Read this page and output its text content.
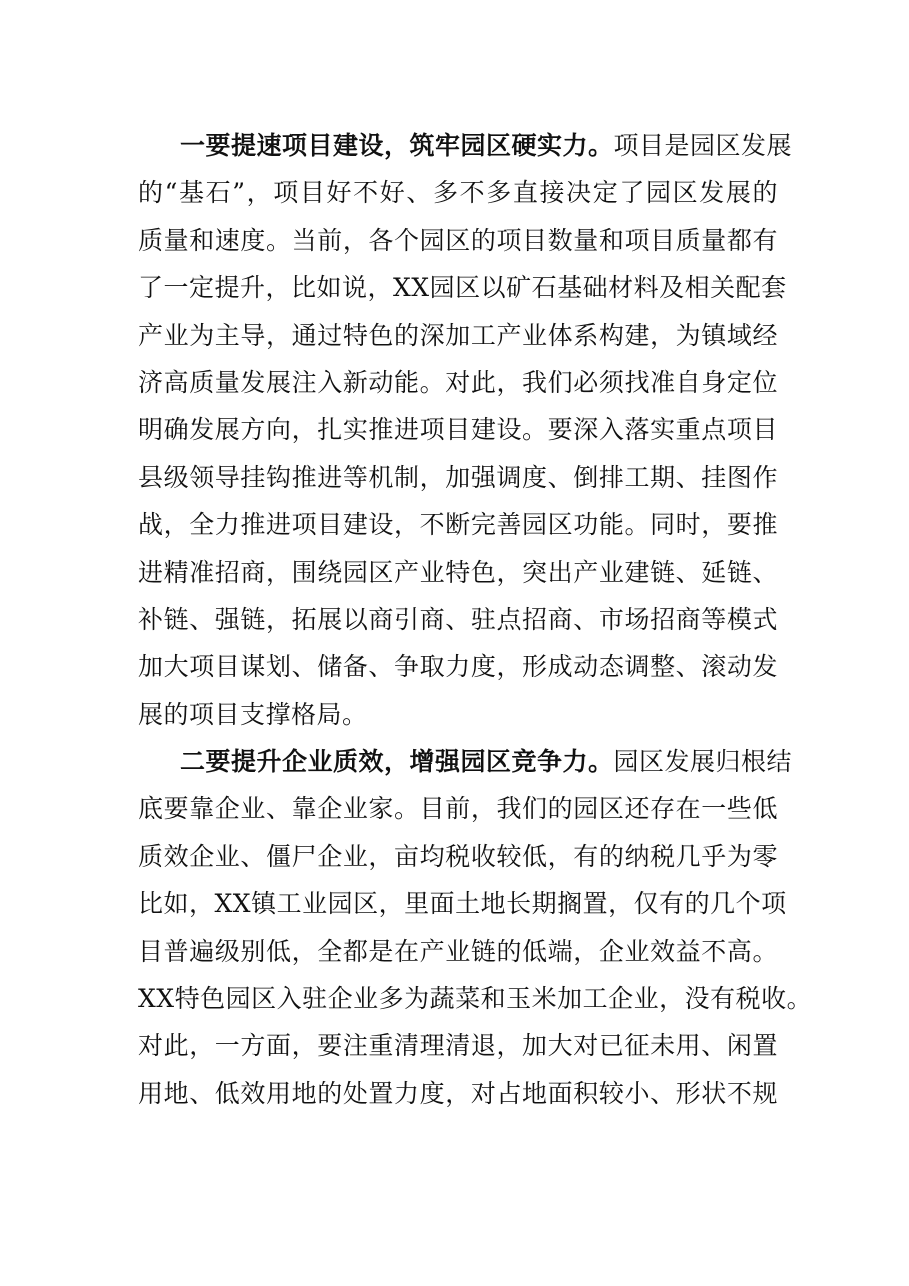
一要提速项目建设，筑牢园区硬实力。项目是园区发展
的“基石”，项目好不好、多不多直接决定了园区发展的
质量和速度。当前，各个园区的项目数量和项目质量都有
了一定提升，比如说，XX园区以矿石基础材料及相关配套
产业为主导，通过特色的深加工产业体系构建，为镇域经
济高质量发展注入新动能。对此，我们必须找准自身定位
明确发展方向，扎实推进项目建设。要深入落实重点项目
县级领导挂钩推进等机制，加强调度、倒排工期、挂图作
战，全力推进项目建设，不断完善园区功能。同时，要推
进精准招商，围绕园区产业特色，突出产业建链、延链、
补链、强链，拓展以商引商、驻点招商、市场招商等模式
加大项目谋划、储备、争取力度，形成动态调整、滚动发
展的项目支撑格局。
二要提升企业质效，增强园区竞争力。园区发展归根结
底要靠企业、靠企业家。目前，我们的园区还存在一些低
质效企业、僵尸企业，亩均税收较低，有的纳税几乎为零
比如，XX镇工业园区，里面土地长期搁置，仅有的几个项
目普遍级别低，全都是在产业链的低端，企业效益不高。
XX特色园区入驻企业多为蔬菜和玉米加工企业，没有税收。
对此，一方面，要注重清理清退，加大对已征未用、闲置
用地、低效用地的处置力度，对占地面积较小、形状不规
